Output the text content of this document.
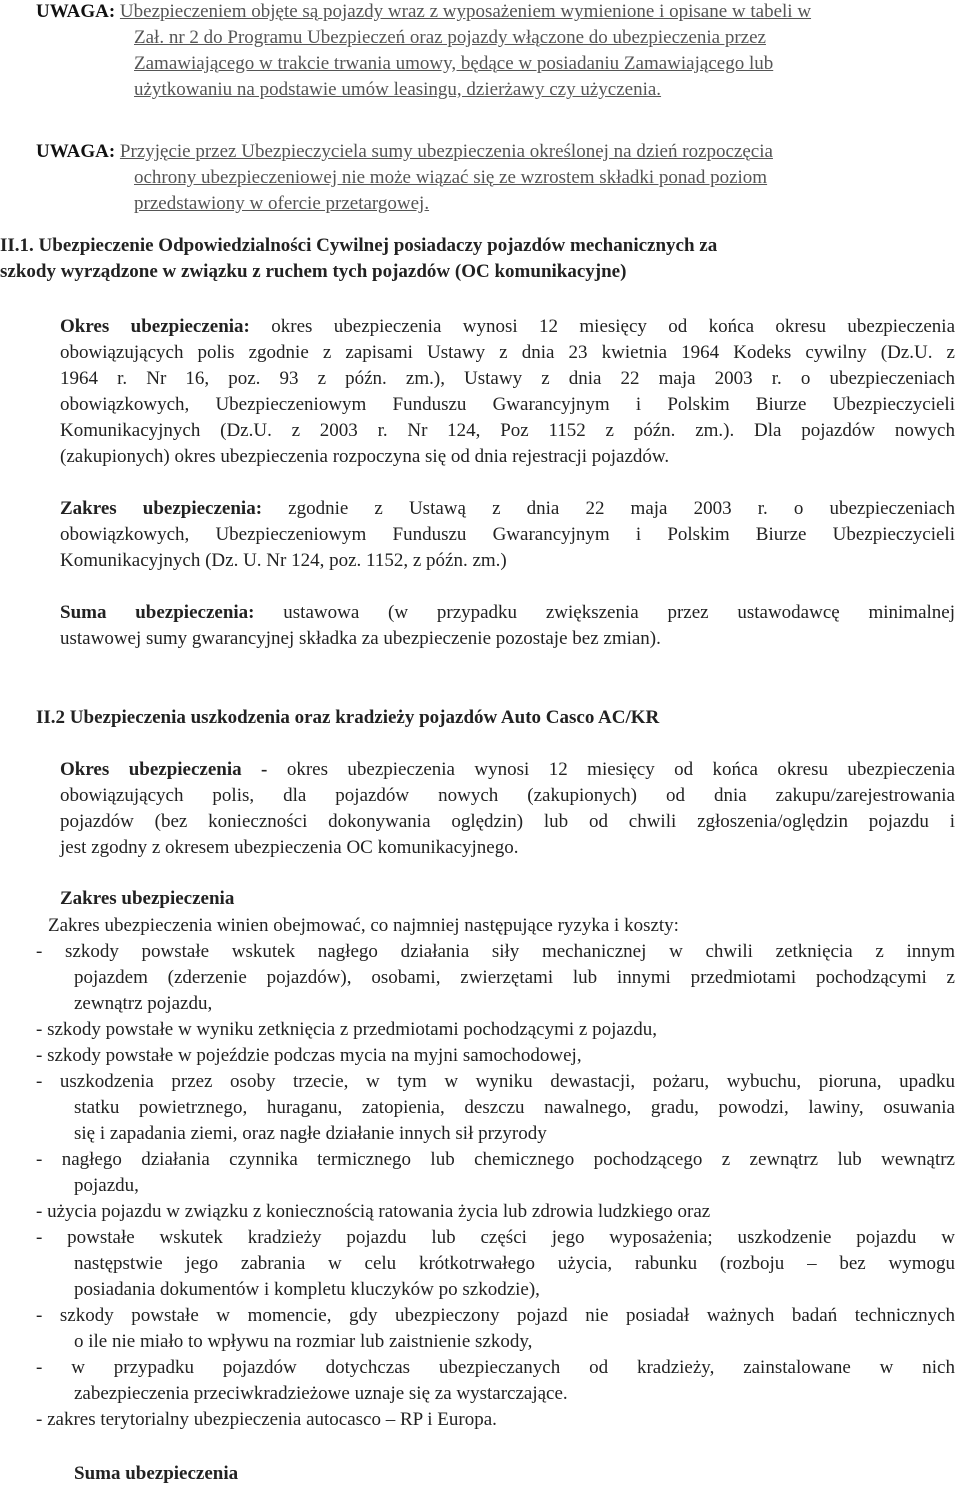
UWAGA: Ubezpieczeniem objęte są pojazdy wraz z wyposażeniem wymienione i opisane w tabeli w
Zał. nr 2 do Programu Ubezpieczeń oraz pojazdy włączone do ubezpieczenia przez
Zamawiającego w trakcie trwania umowy, będące w posiadaniu Zamawiającego lub
użytkowaniu na podstawie umów leasingu, dzierżawy czy użyczenia.
UWAGA: Przyjęcie przez Ubezpieczyciela sumy ubezpieczenia określonej na dzień rozpoczęcia
ochrony ubezpieczeniowej nie może wiązać się ze wzrostem składki ponad poziom
przedstawiony w ofercie przetargowej.
II.1. Ubezpieczenie Odpowiedzialności Cywilnej posiadaczy pojazdów mechanicznych za
szkody wyrządzone w związku z ruchem tych pojazdów (OC komunikacyjne)
Okres ubezpieczenia: okres ubezpieczenia wynosi 12 miesięcy od końca okresu ubezpieczenia
obowiązujących polis zgodnie z zapisami Ustawy z dnia 23 kwietnia 1964 Kodeks cywilny (Dz.U. z
1964 r. Nr 16, poz. 93 z późn. zm.), Ustawy z dnia 22 maja 2003 r. o ubezpieczeniach
obowiązkowych, Ubezpieczeniowym Funduszu Gwarancyjnym i Polskim Biurze Ubezpieczycieli
Komunikacyjnych (Dz.U. z 2003 r. Nr 124, Poz 1152 z późn. zm.). Dla pojazdów nowych
(zakupionych) okres ubezpieczenia rozpoczyna się od dnia rejestracji pojazdów.
Zakres ubezpieczenia: zgodnie z Ustawą z dnia 22 maja 2003 r. o ubezpieczeniach
obowiązkowych, Ubezpieczeniowym Funduszu Gwarancyjnym i Polskim Biurze Ubezpieczycieli
Komunikacyjnych (Dz. U. Nr 124, poz. 1152, z późn. zm.)
Suma ubezpieczenia: ustawowa (w przypadku zwiększenia przez ustawodawcę minimalnej
ustawowej sumy gwarancyjnej składka za ubezpieczenie pozostaje bez zmian).
II.2 Ubezpieczenia uszkodzenia oraz kradzieży pojazdów Auto Casco AC/KR
Okres ubezpieczenia - okres ubezpieczenia wynosi 12 miesięcy od końca okresu ubezpieczenia
obowiązujących polis, dla pojazdów nowych (zakupionych) od dnia zakupu/zarejestrowania
pojazdów (bez konieczności dokonywania oględzin) lub od chwili zgłoszenia/oględzin pojazdu i
jest zgodny z okresem ubezpieczenia OC komunikacyjnego.
Zakres ubezpieczenia
Zakres ubezpieczenia winien obejmować, co najmniej następujące ryzyka i koszty:
- szkody powstałe wskutek nagłego działania siły mechanicznej w chwili zetknięcia z innym
pojazdem (zderzenie pojazdów), osobami, zwierzętami lub innymi przedmiotami pochodzącymi z
zewnątrz pojazdu,
- szkody powstałe w wyniku zetknięcia z przedmiotami pochodzącymi z pojazdu,
- szkody powstałe w pojeździe podczas mycia na myjni samochodowej,
- uszkodzenia przez osoby trzecie, w tym w wyniku dewastacji, pożaru, wybuchu, pioruna, upadku
statku powietrznego, huraganu, zatopienia, deszczu nawalnego, gradu, powodzi, lawiny, osuwania
się i zapadania ziemi, oraz nagłe działanie innych sił przyrody
- nagłego działania czynnika termicznego lub chemicznego pochodzącego z zewnątrz lub wewnątrz
pojazdu,
- użycia pojazdu w związku z koniecznością ratowania życia lub zdrowia ludzkiego oraz
- powstałe wskutek kradzieży pojazdu lub części jego wyposażenia; uszkodzenie pojazdu w
następstwie jego zabrania w celu krótkotrwałego użycia, rabunku (rozboju – bez wymogu
posiadania dokumentów i kompletu kluczyków po szkodzie),
- szkody powstałe w momencie, gdy ubezpieczony pojazd nie posiadał ważnych badań technicznych
o ile nie miało to wpływu na rozmiar lub zaistnienie szkody,
- w przypadku pojazdów dotychczas ubezpieczanych od kradzieży, zainstalowane w nich
zabezpieczenia przeciwkradzieżowe uznaje się za wystarczające.
- zakres terytorialny ubezpieczenia autocasco – RP i Europa.
Suma ubezpieczenia
